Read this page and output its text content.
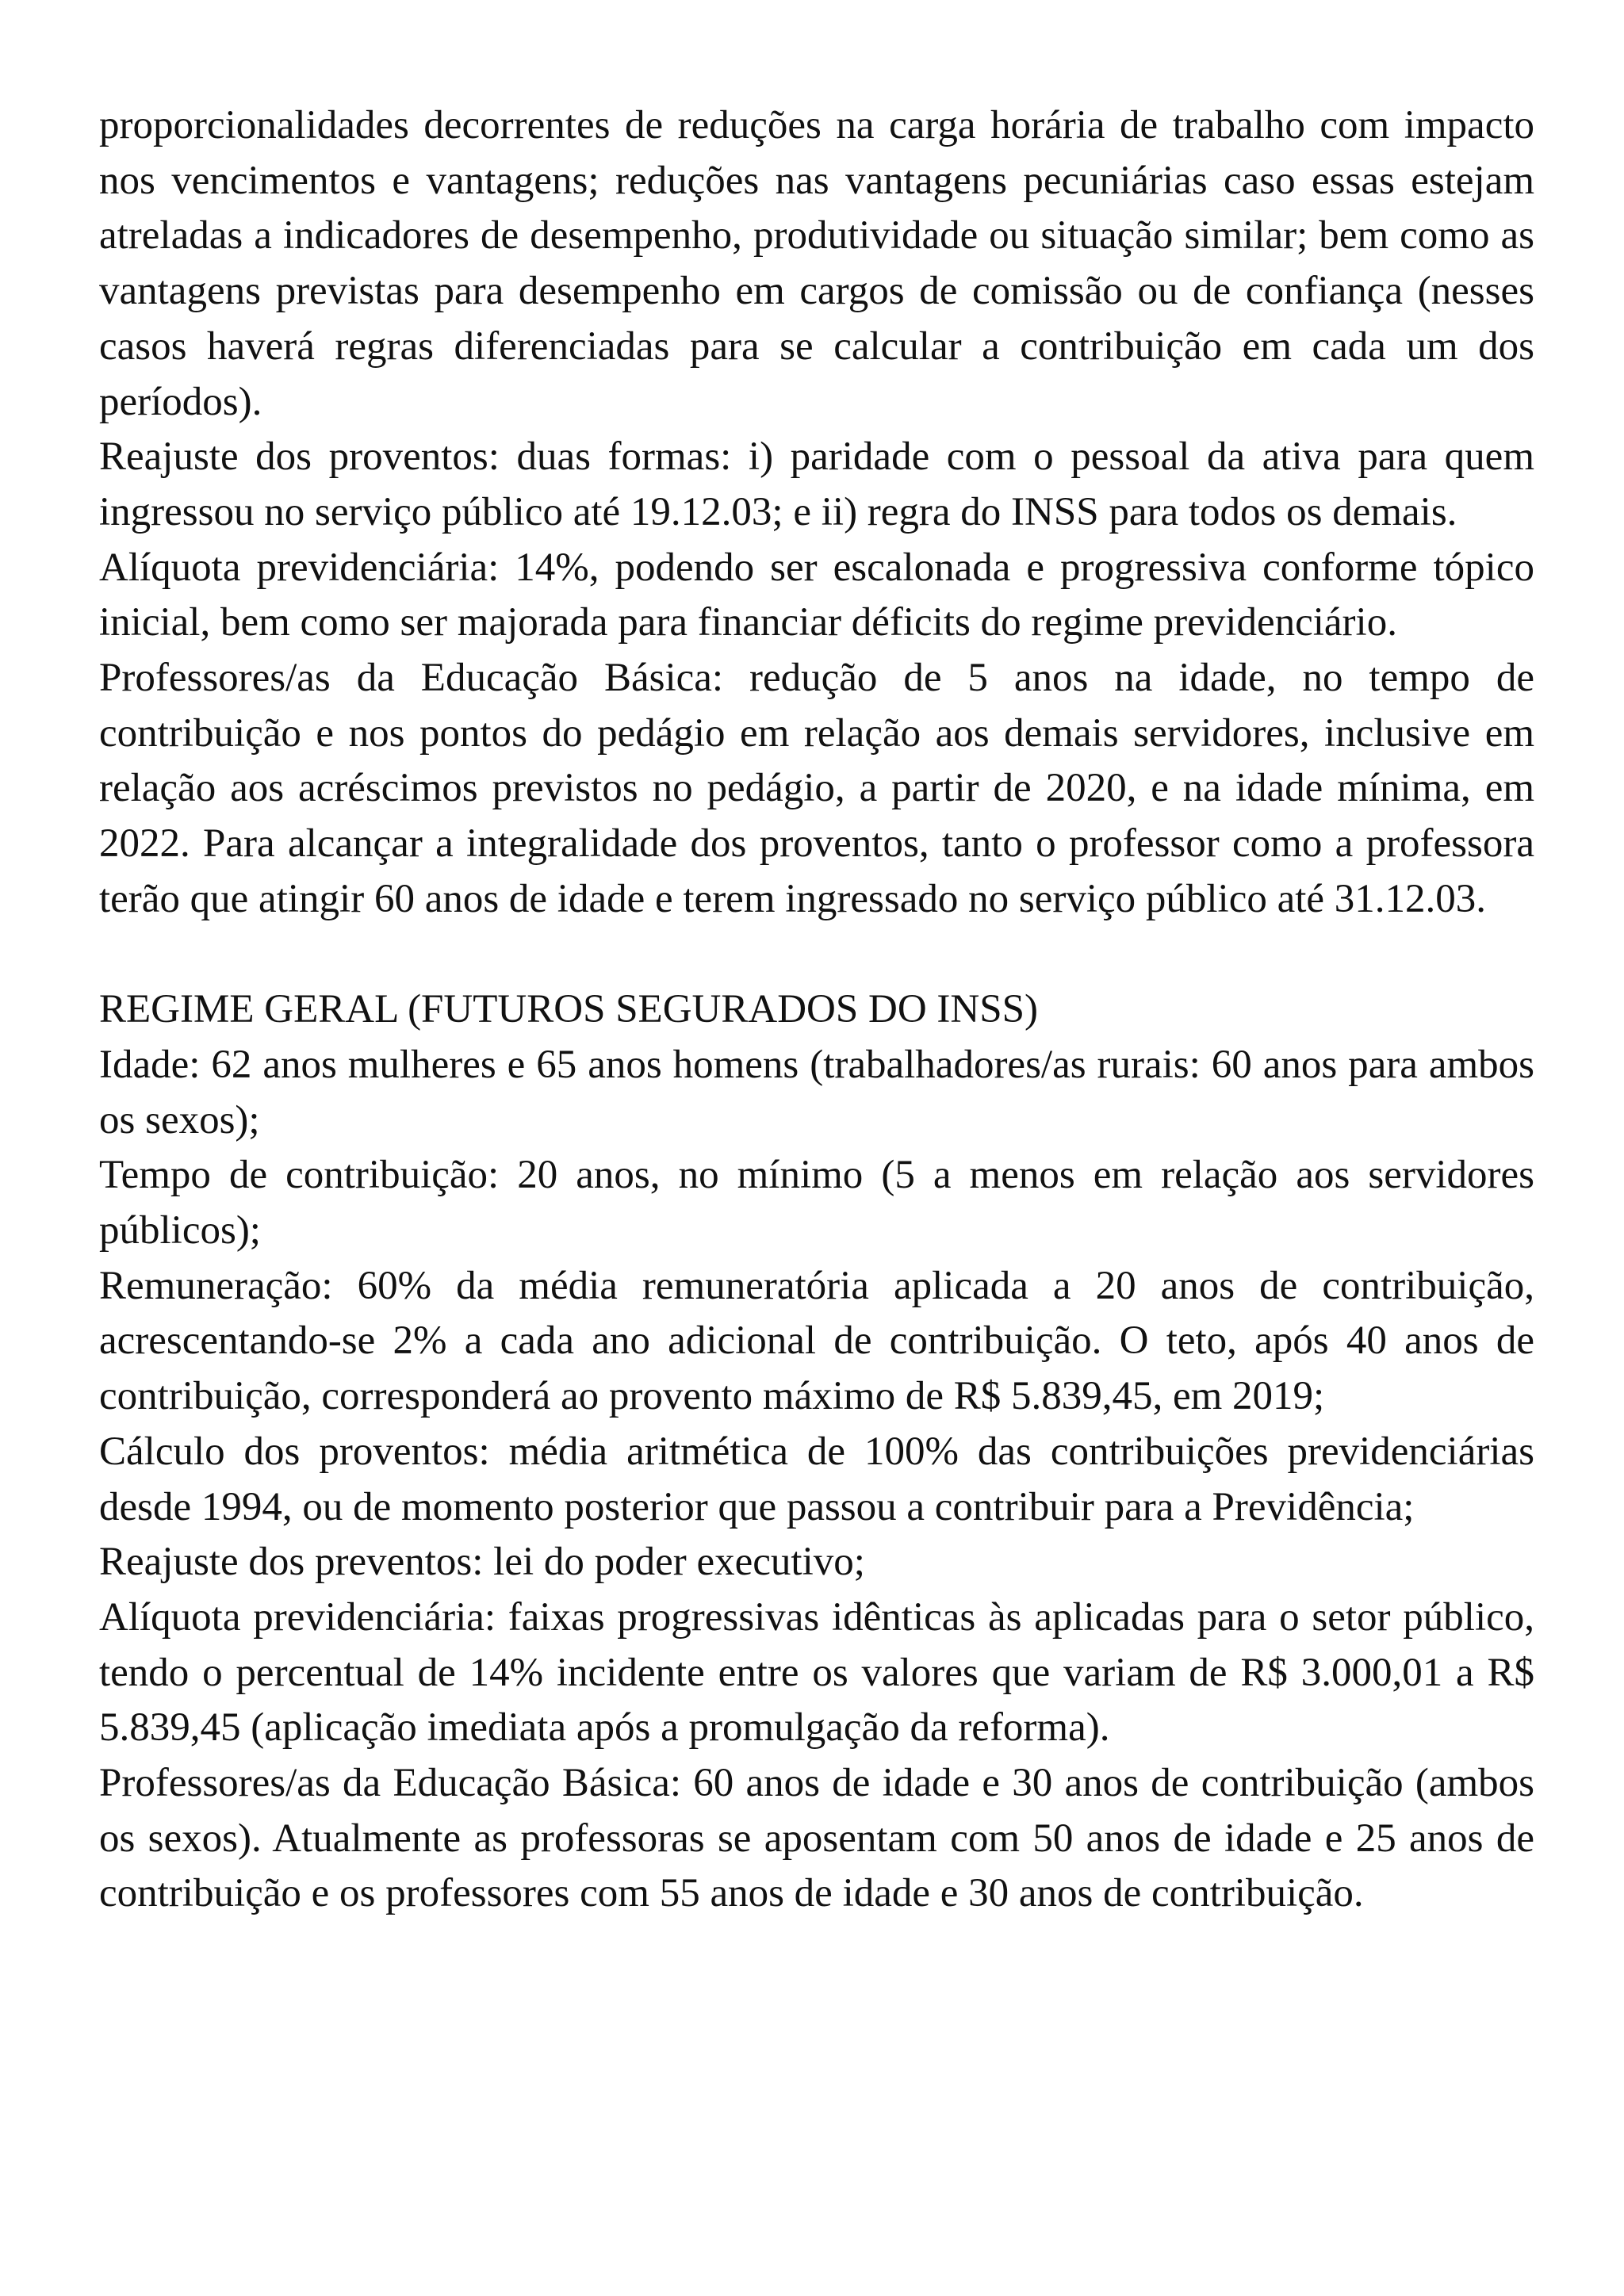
proporcionalidades decorrentes de reduções na carga horária de trabalho com impacto nos vencimentos e vantagens; reduções nas vantagens pecuniárias caso essas estejam atreladas a indicadores de desempenho, produtividade ou situação similar; bem como as vantagens previstas para desempenho em cargos de comissão ou de confiança (nesses casos haverá regras diferenciadas para se calcular a contribuição em cada um dos períodos).

Reajuste dos proventos: duas formas: i) paridade com o pessoal da ativa para quem ingressou no serviço público até 19.12.03; e ii) regra do INSS para todos os demais.

Alíquota previdenciária: 14%, podendo ser escalonada e progressiva conforme tópico inicial, bem como ser majorada para financiar déficits do regime previdenciário.

Professores/as da Educação Básica: redução de 5 anos na idade, no tempo de contribuição e nos pontos do pedágio em relação aos demais servidores, inclusive em relação aos acréscimos previstos no pedágio, a partir de 2020, e na idade mínima, em 2022. Para alcançar a integralidade dos proventos, tanto o professor como a professora terão que atingir 60 anos de idade e terem ingressado no serviço público até 31.12.03.

REGIME GERAL (FUTUROS SEGURADOS DO INSS)

Idade: 62 anos mulheres e 65 anos homens (trabalhadores/as rurais: 60 anos para ambos os sexos);

Tempo de contribuição: 20 anos, no mínimo (5 a menos em relação aos servidores públicos);

Remuneração: 60% da média remuneratória aplicada a 20 anos de contribuição, acrescentando-se 2% a cada ano adicional de contribuição. O teto, após 40 anos de contribuição, corresponderá ao provento máximo de R$ 5.839,45, em 2019;

Cálculo dos proventos: média aritmética de 100% das contribuições previdenciárias desde 1994, ou de momento posterior que passou a contribuir para a Previdência;

Reajuste dos preventos: lei do poder executivo;

Alíquota previdenciária: faixas progressivas idênticas às aplicadas para o setor público, tendo o percentual de 14% incidente entre os valores que variam de R$ 3.000,01 a R$ 5.839,45 (aplicação imediata após a promulgação da reforma).

Professores/as da Educação Básica: 60 anos de idade e 30 anos de contribuição (ambos os sexos). Atualmente as professoras se aposentam com 50 anos de idade e 25 anos de contribuição e os professores com 55 anos de idade e 30 anos de contribuição.
